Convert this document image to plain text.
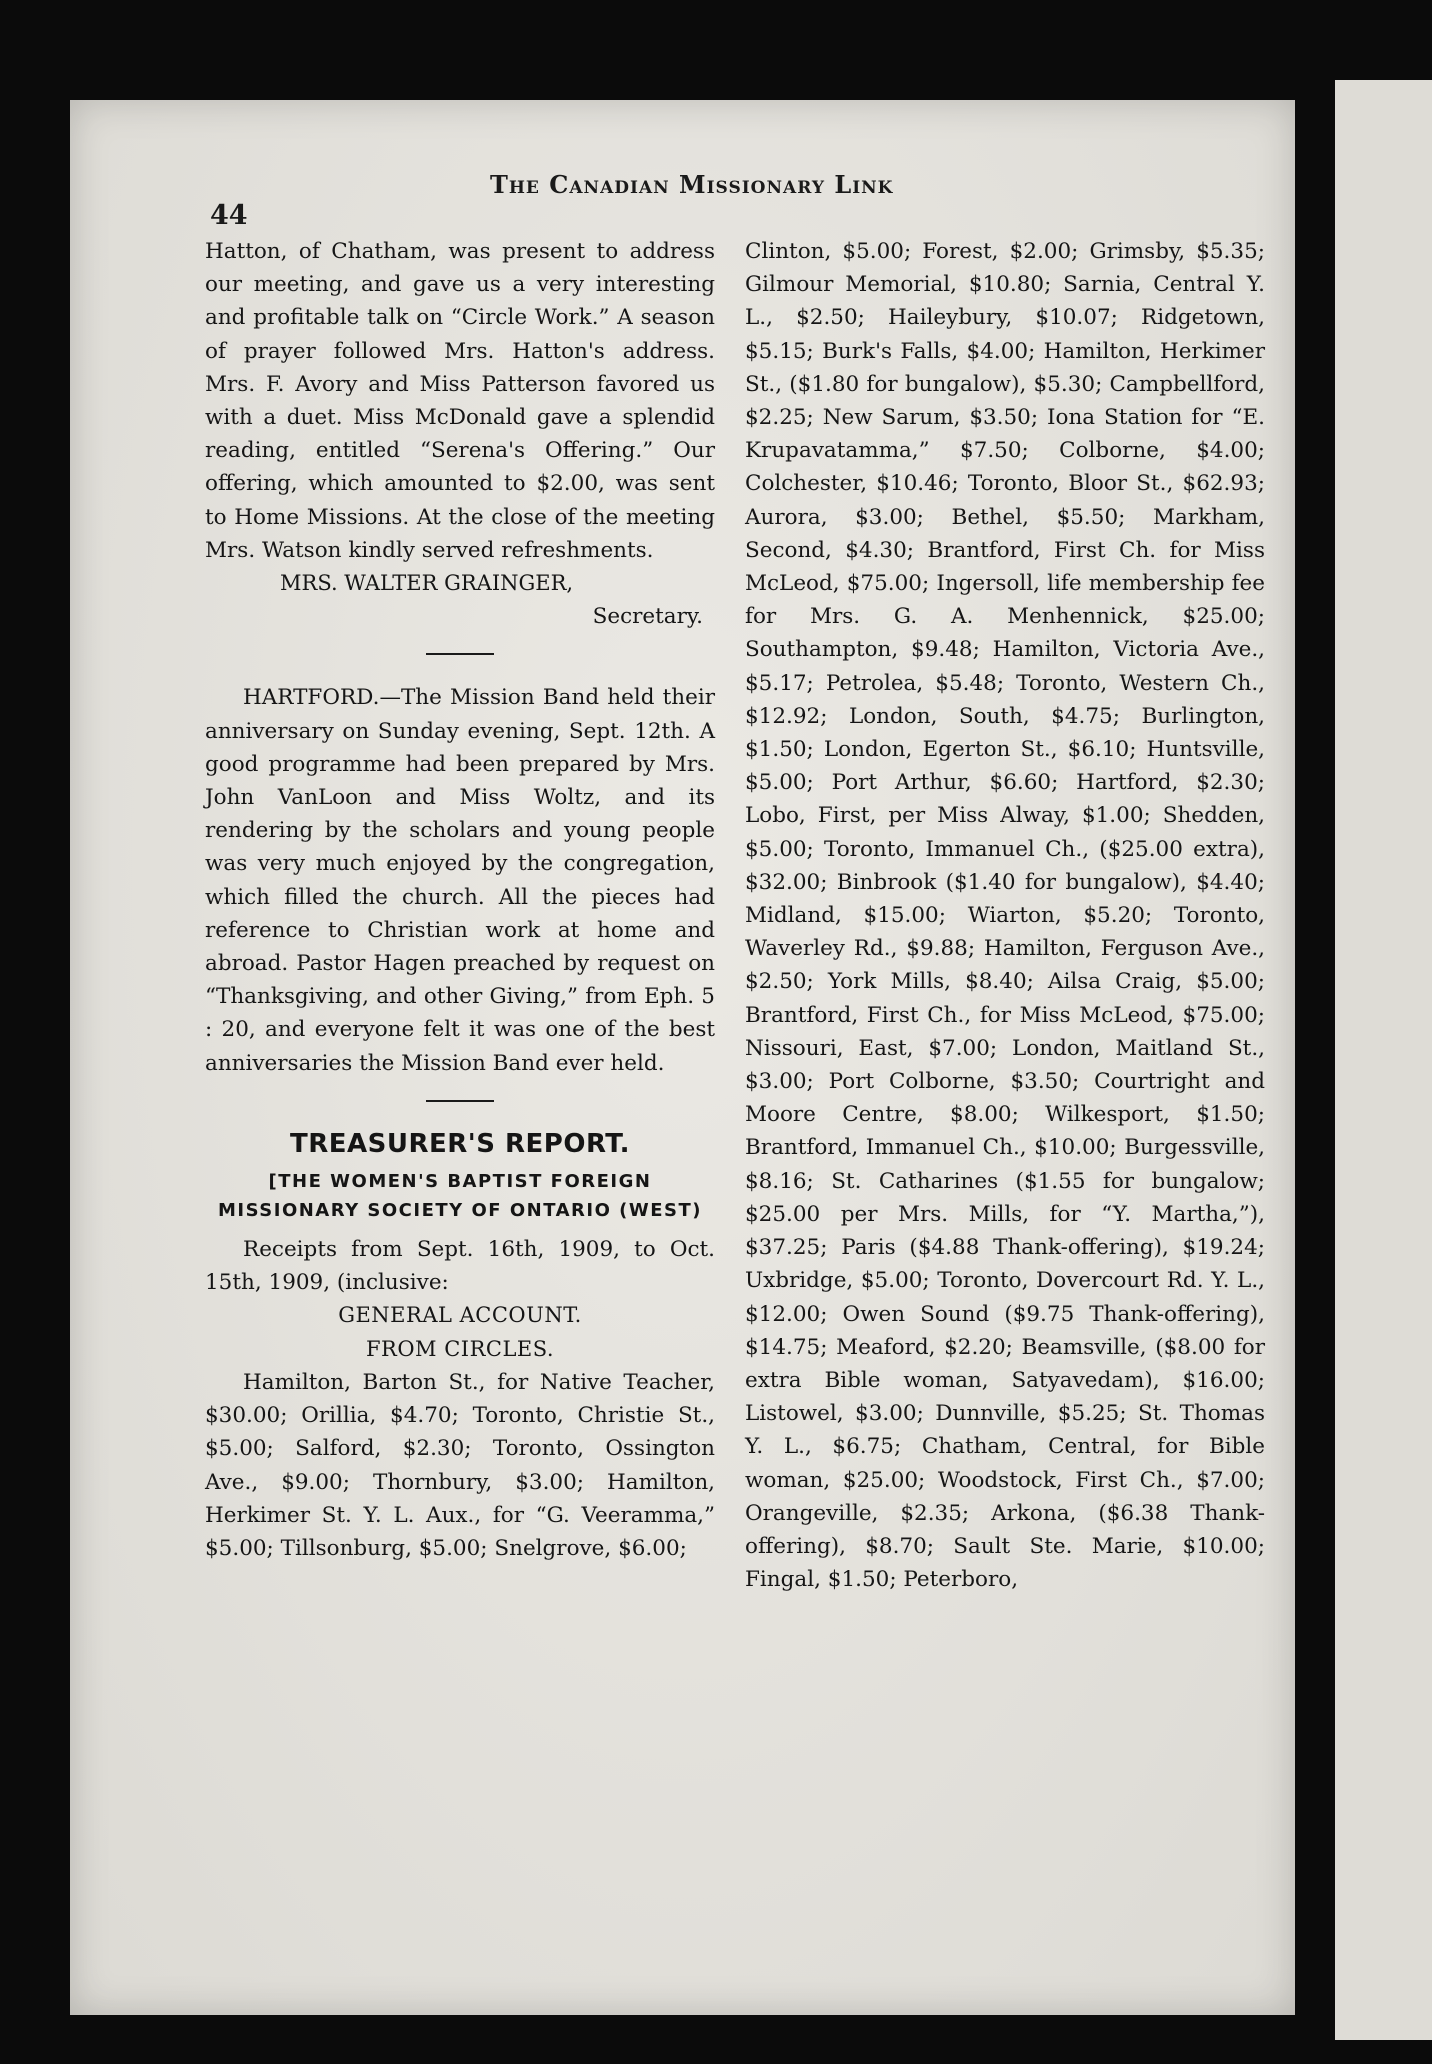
44
The Canadian Missionary Link

Hatton, of Chatham, was present to address our meeting, and gave us a very interesting and profitable talk on “Circle Work.” A season of prayer followed Mrs. Hatton's address. Mrs. F. Avory and Miss Patterson favored us with a duet. Miss McDonald gave a splendid reading, entitled “Serena's Offering.” Our offering, which amounted to $2.00, was sent to Home Missions. At the close of the meeting Mrs. Watson kindly served refreshments.

MRS. WALTER GRAINGER,

Secretary.

HARTFORD.—The Mission Band held their anniversary on Sunday evening, Sept. 12th. A good programme had been prepared by Mrs. John VanLoon and Miss Woltz, and its rendering by the scholars and young people was very much enjoyed by the congregation, which filled the church. All the pieces had reference to Christian work at home and abroad. Pastor Hagen preached by request on “Thanksgiving, and other Giving,” from Eph. 5 : 20, and everyone felt it was one of the best anniversaries the Mission Band ever held.

TREASURER'S REPORT.
[THE WOMEN'S BAPTIST FOREIGN MISSIONARY SOCIETY OF ONTARIO (WEST)

Receipts from Sept. 16th, 1909, to Oct. 15th, 1909, (inclusive:

GENERAL ACCOUNT.

FROM CIRCLES.

Hamilton, Barton St., for Native Teacher, $30.00; Orillia, $4.70; Toronto, Christie St., $5.00; Salford, $2.30; Toronto, Ossington Ave., $9.00; Thornbury, $3.00; Hamilton, Herkimer St. Y. L. Aux., for “G. Veeramma,” $5.00; Tillsonburg, $5.00; Snelgrove, $6.00;

Clinton, $5.00; Forest, $2.00; Grimsby, $5.35; Gilmour Memorial, $10.80; Sarnia, Central Y. L., $2.50; Haileybury, $10.07; Ridgetown, $5.15; Burk's Falls, $4.00; Hamilton, Herkimer St., ($1.80 for bungalow), $5.30; Campbellford, $2.25; New Sarum, $3.50; Iona Station for “E. Krupavatamma,” $7.50; Colborne, $4.00; Colchester, $10.46; Toronto, Bloor St., $62.93; Aurora, $3.00; Bethel, $5.50; Markham, Second, $4.30; Brantford, First Ch. for Miss McLeod, $75.00; Ingersoll, life membership fee for Mrs. G. A. Menhennick, $25.00; Southampton, $9.48; Hamilton, Victoria Ave., $5.17; Petrolea, $5.48; Toronto, Western Ch., $12.92; London, South, $4.75; Burlington, $1.50; London, Egerton St., $6.10; Huntsville, $5.00; Port Arthur, $6.60; Hartford, $2.30; Lobo, First, per Miss Alway, $1.00; Shedden, $5.00; Toronto, Immanuel Ch., ($25.00 extra), $32.00; Binbrook ($1.40 for bungalow), $4.40; Midland, $15.00; Wiarton, $5.20; Toronto, Waverley Rd., $9.88; Hamilton, Ferguson Ave., $2.50; York Mills, $8.40; Ailsa Craig, $5.00; Brantford, First Ch., for Miss McLeod, $75.00; Nissouri, East, $7.00; London, Maitland St., $3.00; Port Colborne, $3.50; Courtright and Moore Centre, $8.00; Wilkesport, $1.50; Brantford, Immanuel Ch., $10.00; Burgessville, $8.16; St. Catharines ($1.55 for bungalow; $25.00 per Mrs. Mills, for “Y. Martha,”), $37.25; Paris ($4.88 Thank-offering), $19.24; Uxbridge, $5.00; Toronto, Dovercourt Rd. Y. L., $12.00; Owen Sound ($9.75 Thank-offering), $14.75; Meaford, $2.20; Beamsville, ($8.00 for extra Bible woman, Satyavedam), $16.00; Listowel, $3.00; Dunnville, $5.25; St. Thomas Y. L., $6.75; Chatham, Central, for Bible woman, $25.00; Woodstock, First Ch., $7.00; Orangeville, $2.35; Arkona, ($6.38 Thank-offering), $8.70; Sault Ste. Marie, $10.00; Fingal, $1.50; Peterboro,
